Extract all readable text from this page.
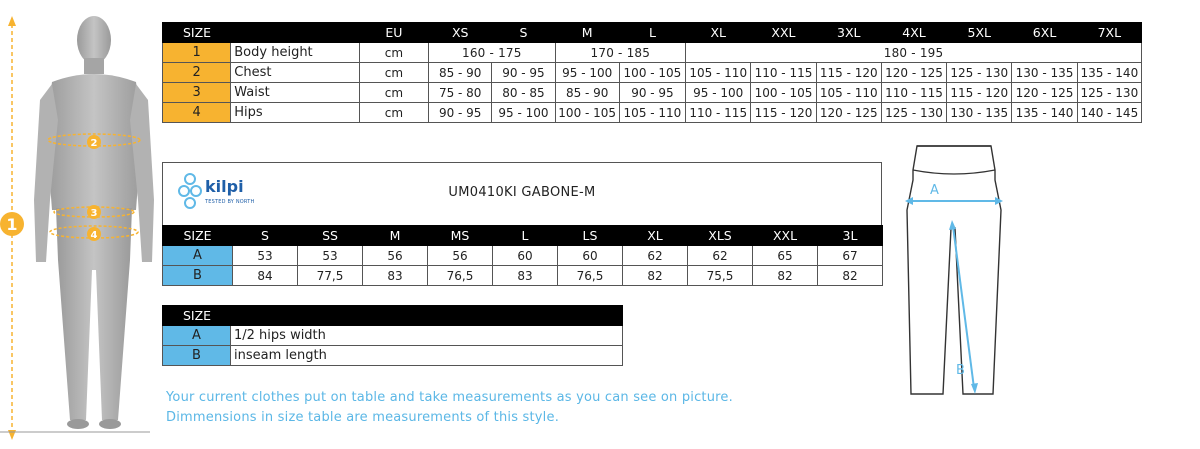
1
2
3
4
SIZE		EU	XS	S	M	L	XL	XXL	3XL	4XL	5XL	6XL	7XL
1	Body height	cm	160 - 175		170 - 185		180 - 195						
2	Chest	cm	85 - 90	90 - 95	95 - 100	100 - 105	105 - 110	110 - 115	115 - 120	120 - 125	125 - 130	130 - 135	135 - 140
3	Waist	cm	75 - 80	80 - 85	85 - 90	90 - 95	95 - 100	100 - 105	105 - 110	110 - 115	115 - 120	120 - 125	125 - 130
4	Hips	cm	90 - 95	95 - 100	100 - 105	105 - 110	110 - 115	115 - 120	120 - 125	125 - 130	130 - 135	135 - 140	140 - 145
kilpi
TESTED BY NORTH
UM0410KI GABONE-M
SIZE	S	SS	M	MS	L	LS	XL	XLS	XXL	3L
A	53	53	56	56	60	60	62	62	65	67
B	84	77,5	83	76,5	83	76,5	82	75,5	82	82
SIZE	
A	1/2 hips width
B	inseam length
Your current clothes put on table and take measurements as you can see on picture.
Dimmensions in size table are measurements of this style.
A
B
